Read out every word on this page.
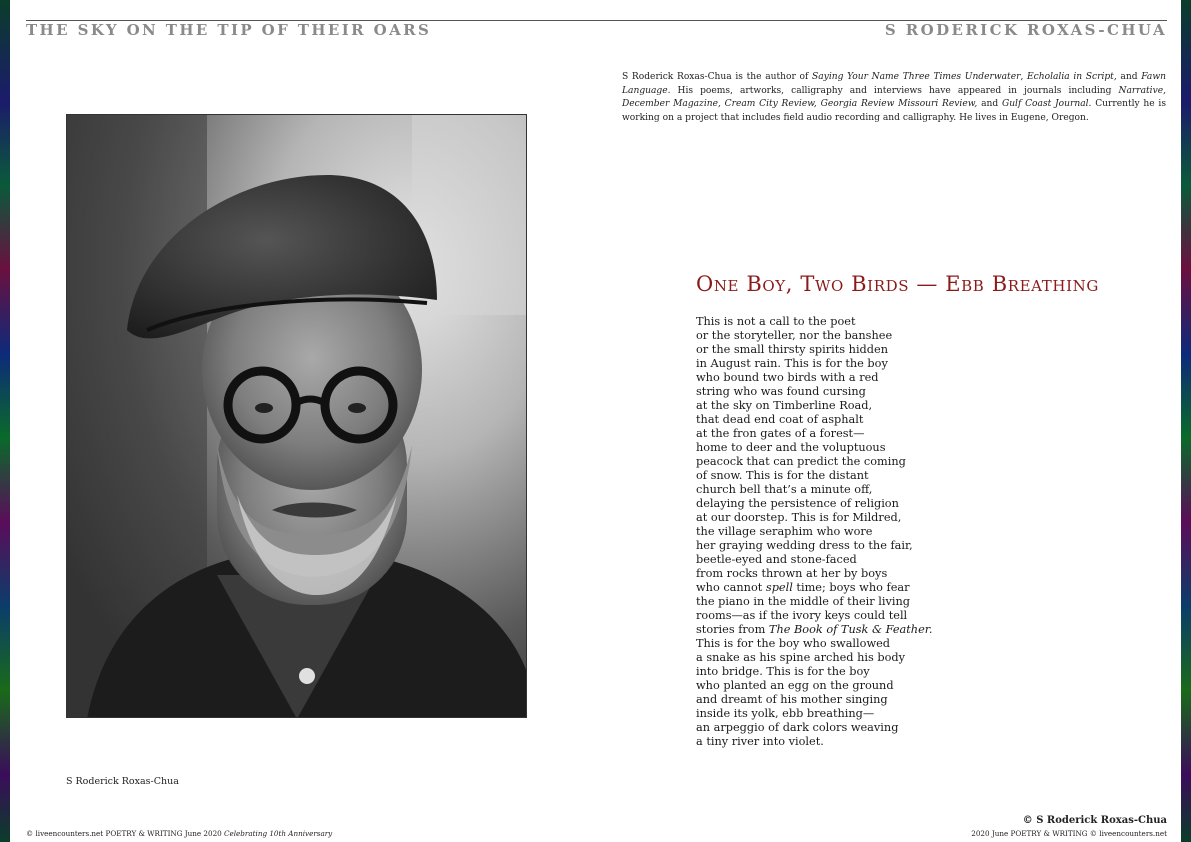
THE SKY ON THE TIP OF THEIR OARS	S RODERICK ROXAS-CHUA
S Roderick Roxas-Chua is the author of Saying Your Name Three Times Underwater, Echolalia in Script, and Fawn Language. His poems, artworks, calligraphy and interviews have appeared in journals including Narrative, December Magazine, Cream City Review, Georgia Review Missouri Review, and Gulf Coast Journal. Currently he is working on a project that includes field audio recording and calligraphy. He lives in Eugene, Oregon.
S Roderick Roxas-Chua
One Boy, Two Birds — Ebb Breathing
This is not a call to the poet
or the storyteller, nor the banshee
or the small thirsty spirits hidden
in August rain. This is for the boy
who bound two birds with a red
string who was found cursing
at the sky on Timberline Road,
that dead end coat of asphalt
at the fron gates of a forest—
home to deer and the voluptuous
peacock that can predict the coming
of snow. This is for the distant
church bell that’s a minute off,
delaying the persistence of religion
at our doorstep. This is for Mildred,
the village seraphim who wore
her graying wedding dress to the fair,
beetle-eyed and stone-faced
from rocks thrown at her by boys
who cannot spell time; boys who fear
the piano in the middle of their living
rooms—as if the ivory keys could tell
stories from The Book of Tusk & Feather.
This is for the boy who swallowed
a snake as his spine arched his body
into bridge. This is for the boy
who planted an egg on the ground
and dreamt of his mother singing
inside its yolk, ebb breathing—
an arpeggio of dark colors weaving
a tiny river into violet.
© S Roderick Roxas-Chua
© liveencounters.net POETRY & WRITING June 2020 Celebrating 10th Anniversary	2020 June POETRY & WRITING © liveencounters.net
